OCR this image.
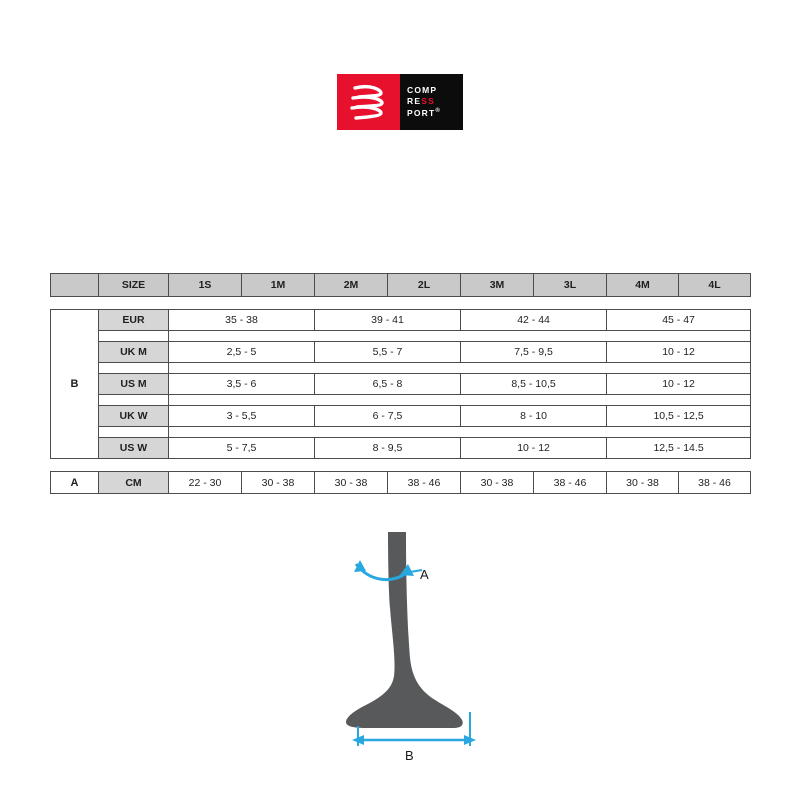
COMP
RESS
PORT®
	SIZE	1S	1M	2M	2L	3M	3L	4M	4L
B	EUR	35 - 38	39 - 41	42 - 44	45 - 47

	UK M	2,5 - 5	5,5 - 7	7,5 - 9,5	10 - 12

	US M	3,5 - 6	6,5 - 8	8,5 - 10,5	10 - 12

	UK W	3 - 5,5	6 - 7,5	8 - 10	10,5 - 12,5

	US W	5 - 7,5	8 - 9,5	10 - 12	12,5 - 14.5
A	CM	22 - 30	30 - 38	30 - 38	38 - 46	30 - 38	38 - 46	30 - 38	38 - 46
A
B
